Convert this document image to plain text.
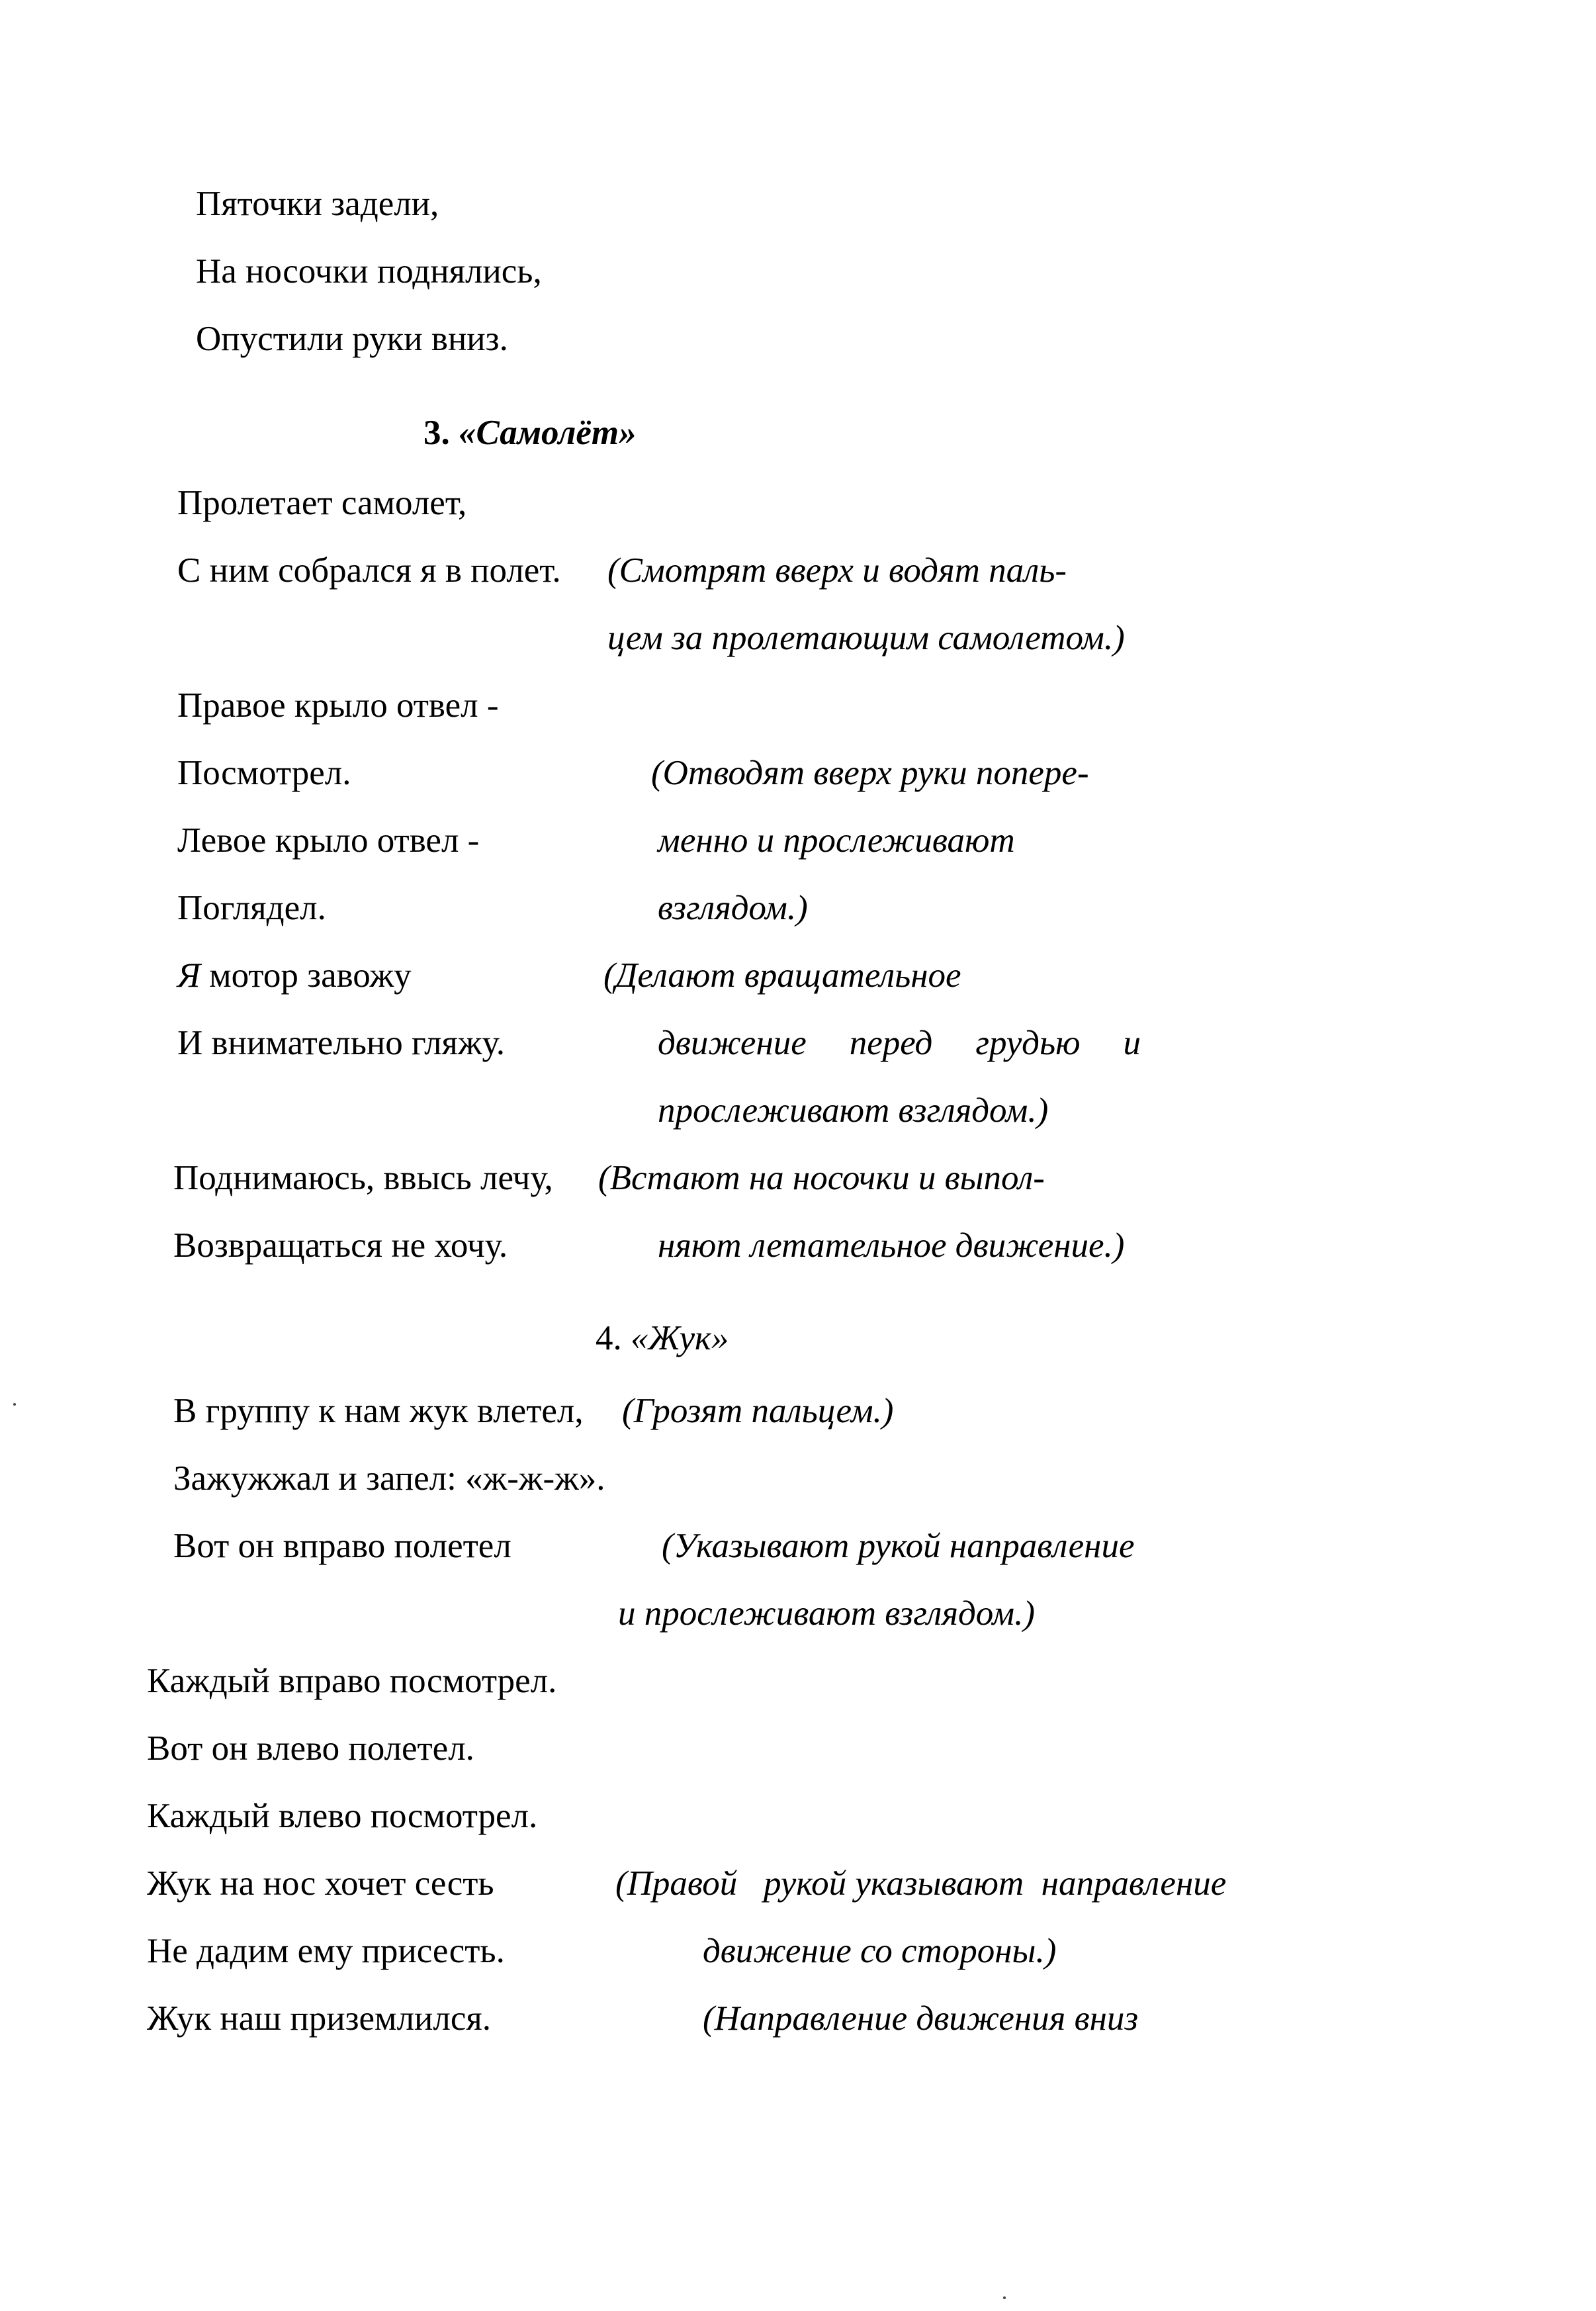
Пяточки задели,
На носочки поднялись,
Опустили руки вниз.
3. «Самолёт»
Пролетает самолет,
С ним собрался я в полет. (Смотрят вверх и водят паль-
цем за пролетающим самолетом.)
Правое крыло отвел -
Посмотрел.	(Отводят вверх руки попере-
Левое крыло отвел -	менно и прослеживают
Поглядел.	взглядом.)
Я мотор завожу	(Делают вращательное
И внимательно гляжу.	движение перед грудью и
прослеживают взглядом.)
Поднимаюсь, ввысь лечу, (Встают на носочки и выпол-
Возвращаться не хочу.	няют летательное движение.)
4. «Жук»
В группу к нам жук влетел, (Грозят пальцем.)
Зажужжал и запел: «ж-ж-ж».
Вот он вправо полетел	(Указывают рукой направление
и прослеживают взглядом.)
Каждый вправо посмотрел.
Вот он влево полетел.
Каждый влево посмотрел.
Жук на нос хочет сесть	(Правой   рукой указывают  направление
Не дадим ему присесть.	движение со стороны.)
Жук наш приземлился.	(Направление движения вниз
